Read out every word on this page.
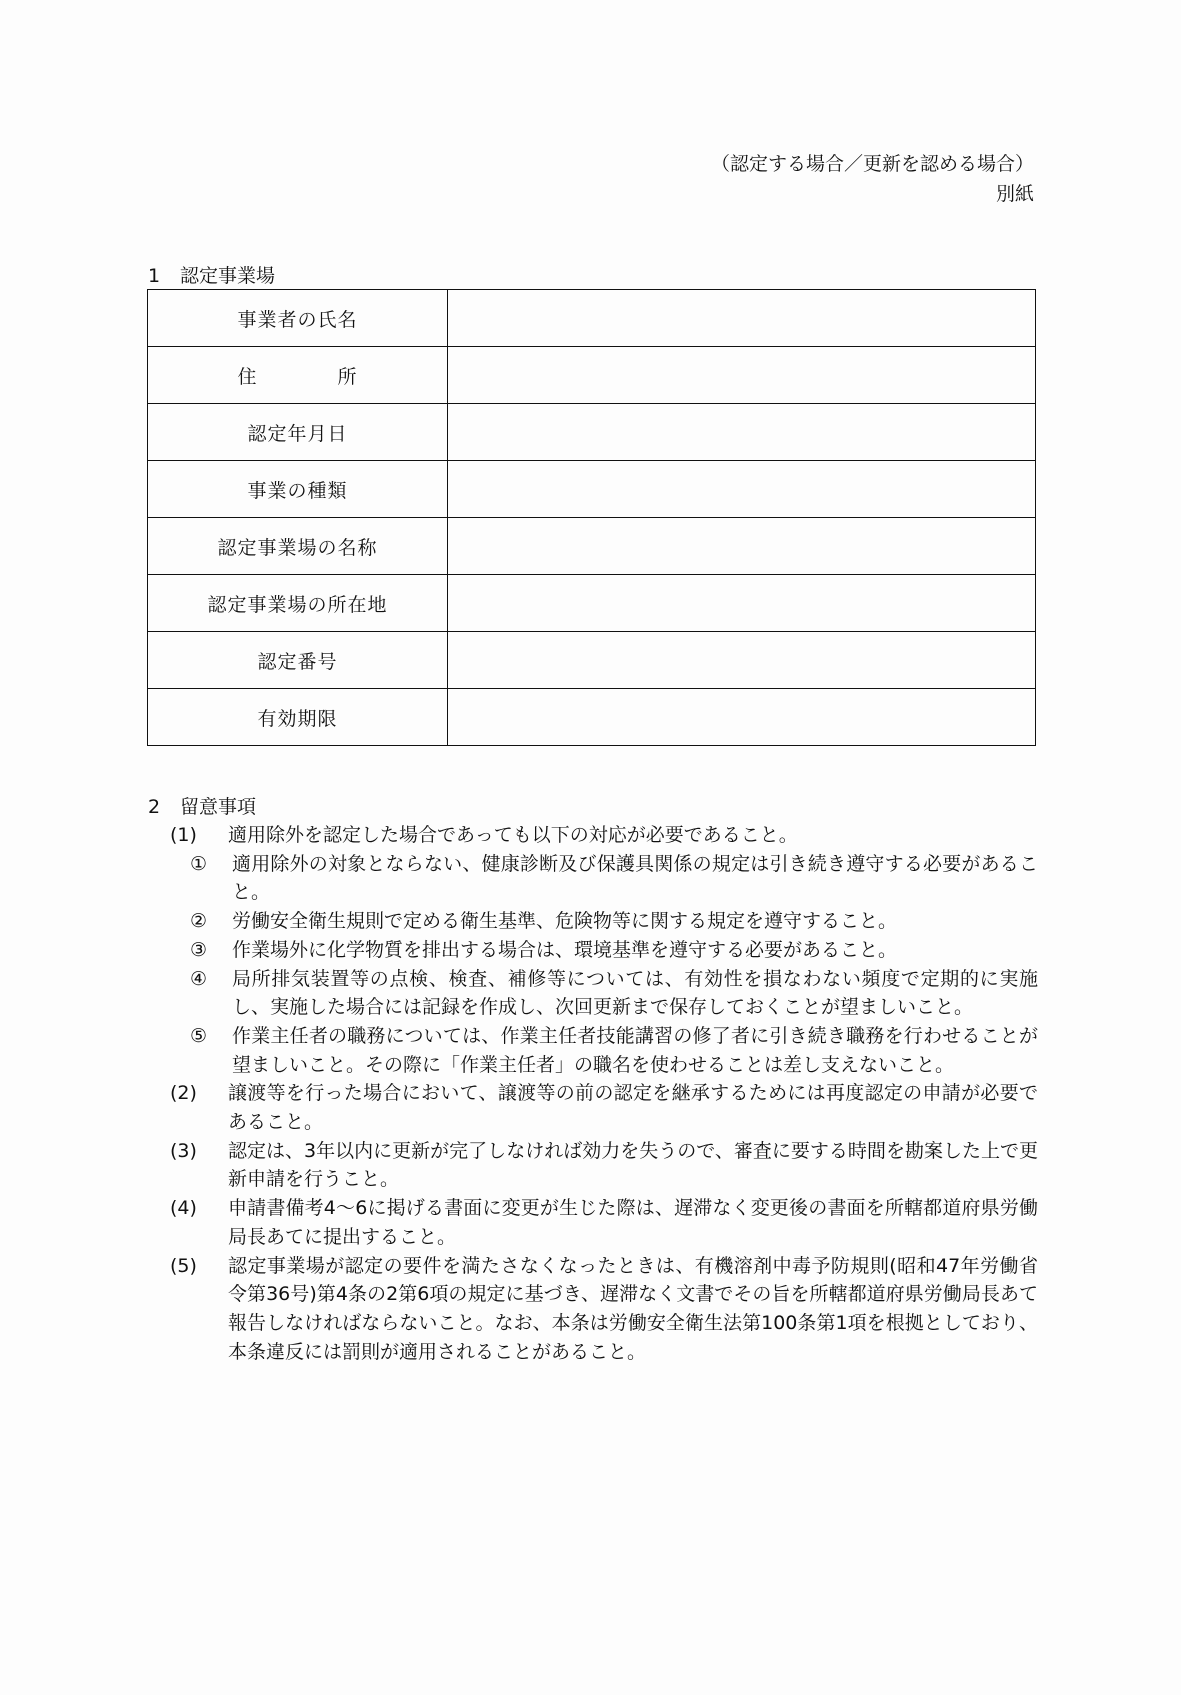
（認定する場合／更新を認める場合）
別紙
1 認定事業場
事業者の氏名	
住　　　　所	
認定年月日	
事業の種類	
認定事業場の名称	
認定事業場の所在地	
認定番号	
有効期限	
2 留意事項
(1)	適用除外を認定した場合であっても以下の対応が必要であること。
①	適用除外の対象とならない、健康診断及び保護具関係の規定は引き続き遵守する必要があること。
②	労働安全衛生規則で定める衛生基準、危険物等に関する規定を遵守すること。
③	作業場外に化学物質を排出する場合は、環境基準を遵守する必要があること。
④	局所排気装置等の点検、検査、補修等については、有効性を損なわない頻度で定期的に実施し、実施した場合には記録を作成し、次回更新まで保存しておくことが望ましいこと。
⑤	作業主任者の職務については、作業主任者技能講習の修了者に引き続き職務を行わせることが望ましいこと。その際に「作業主任者」の職名を使わせることは差し支えないこと。
(2)	譲渡等を行った場合において、譲渡等の前の認定を継承するためには再度認定の申請が必要であること。
(3)	認定は、3年以内に更新が完了しなければ効力を失うので、審査に要する時間を勘案した上で更新申請を行うこと。
(4)	申請書備考4～6に掲げる書面に変更が生じた際は、遅滞なく変更後の書面を所轄都道府県労働局長あてに提出すること。
(5)	認定事業場が認定の要件を満たさなくなったときは、有機溶剤中毒予防規則(昭和47年労働省令第36号)第4条の2第6項の規定に基づき、遅滞なく文書でその旨を所轄都道府県労働局長あて報告しなければならないこと。なお、本条は労働安全衛生法第100条第1項を根拠としており、本条違反には罰則が適用されることがあること。
